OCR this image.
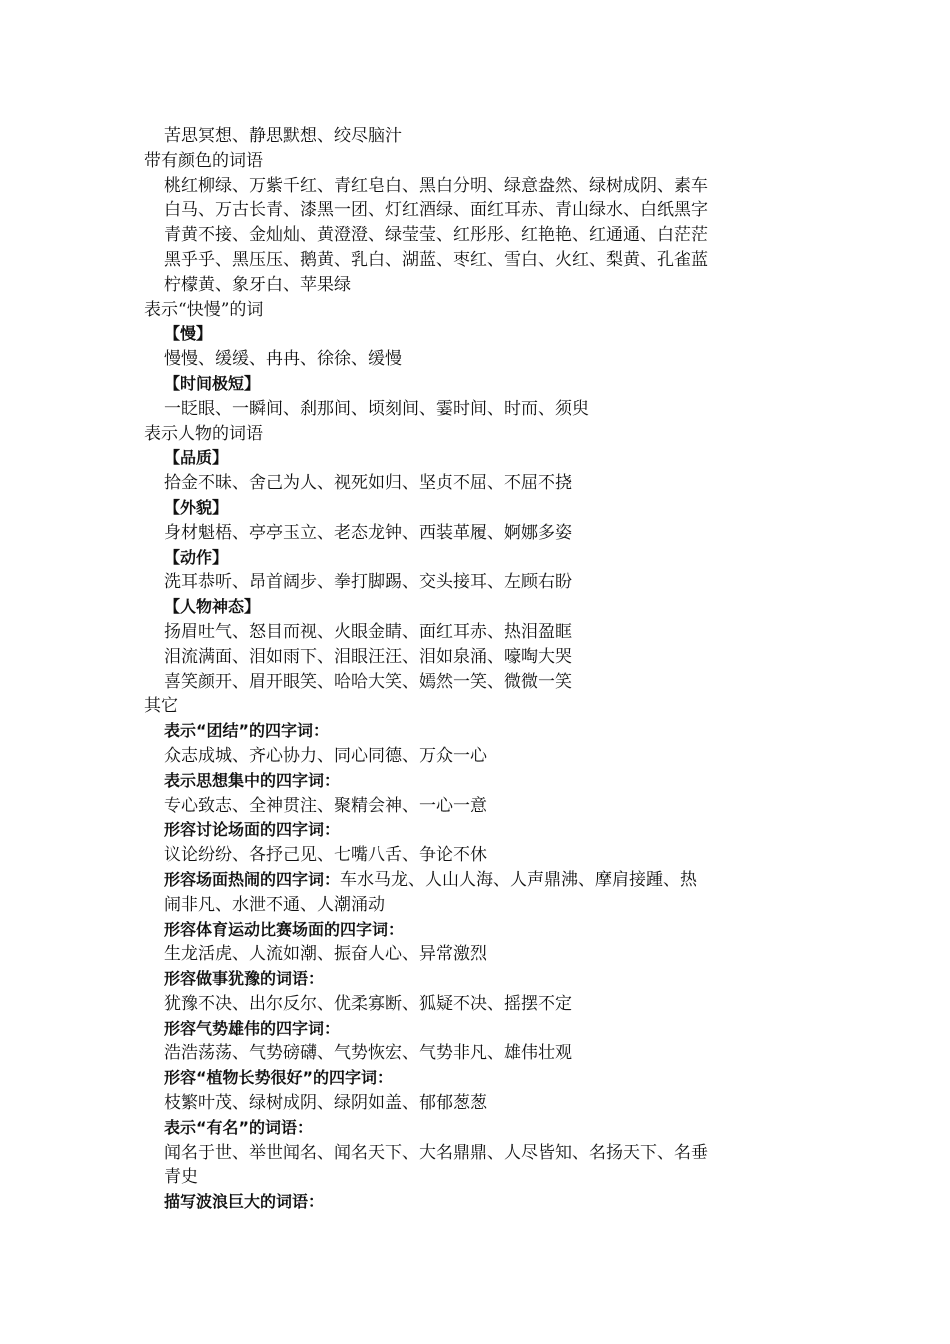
苦思冥想、静思默想、绞尽脑汁
带有颜色的词语
桃红柳绿、万紫千红、青红皂白、黑白分明、绿意盎然、绿树成阴、素车
白马、万古长青、漆黑一团、灯红酒绿、面红耳赤、青山绿水、白纸黑字
青黄不接、金灿灿、黄澄澄、绿莹莹、红彤彤、红艳艳、红通通、白茫茫
黑乎乎、黑压压、鹅黄、乳白、湖蓝、枣红、雪白、火红、梨黄、孔雀蓝
柠檬黄、象牙白、苹果绿
表示“快慢”的词
【慢】
慢慢、缓缓、冉冉、徐徐、缓慢
【时间极短】
一眨眼、一瞬间、刹那间、顷刻间、霎时间、时而、须臾
表示人物的词语
【品质】
拾金不昧、舍己为人、视死如归、坚贞不屈、不屈不挠
【外貌】
身材魁梧、亭亭玉立、老态龙钟、西装革履、婀娜多姿
【动作】
洗耳恭听、昂首阔步、拳打脚踢、交头接耳、左顾右盼
【人物神态】
扬眉吐气、怒目而视、火眼金睛、面红耳赤、热泪盈眶
泪流满面、泪如雨下、泪眼汪汪、泪如泉涌、嚎啕大哭
喜笑颜开、眉开眼笑、哈哈大笑、嫣然一笑、微微一笑
其它
表示“团结”的四字词：
众志成城、齐心协力、同心同德、万众一心
表示思想集中的四字词：
专心致志、全神贯注、聚精会神、一心一意
形容讨论场面的四字词：
议论纷纷、各抒己见、七嘴八舌、争论不休
形容场面热闹的四字词：车水马龙、人山人海、人声鼎沸、摩肩接踵、热
闹非凡、水泄不通、人潮涌动
形容体育运动比赛场面的四字词：
生龙活虎、人流如潮、振奋人心、异常激烈
形容做事犹豫的词语：
犹豫不决、出尔反尔、优柔寡断、狐疑不决、摇摆不定
形容气势雄伟的四字词：
浩浩荡荡、气势磅礴、气势恢宏、气势非凡、雄伟壮观
形容“植物长势很好”的四字词：
枝繁叶茂、绿树成阴、绿阴如盖、郁郁葱葱
表示“有名”的词语：
闻名于世、举世闻名、闻名天下、大名鼎鼎、人尽皆知、名扬天下、名垂
青史
描写波浪巨大的词语：
